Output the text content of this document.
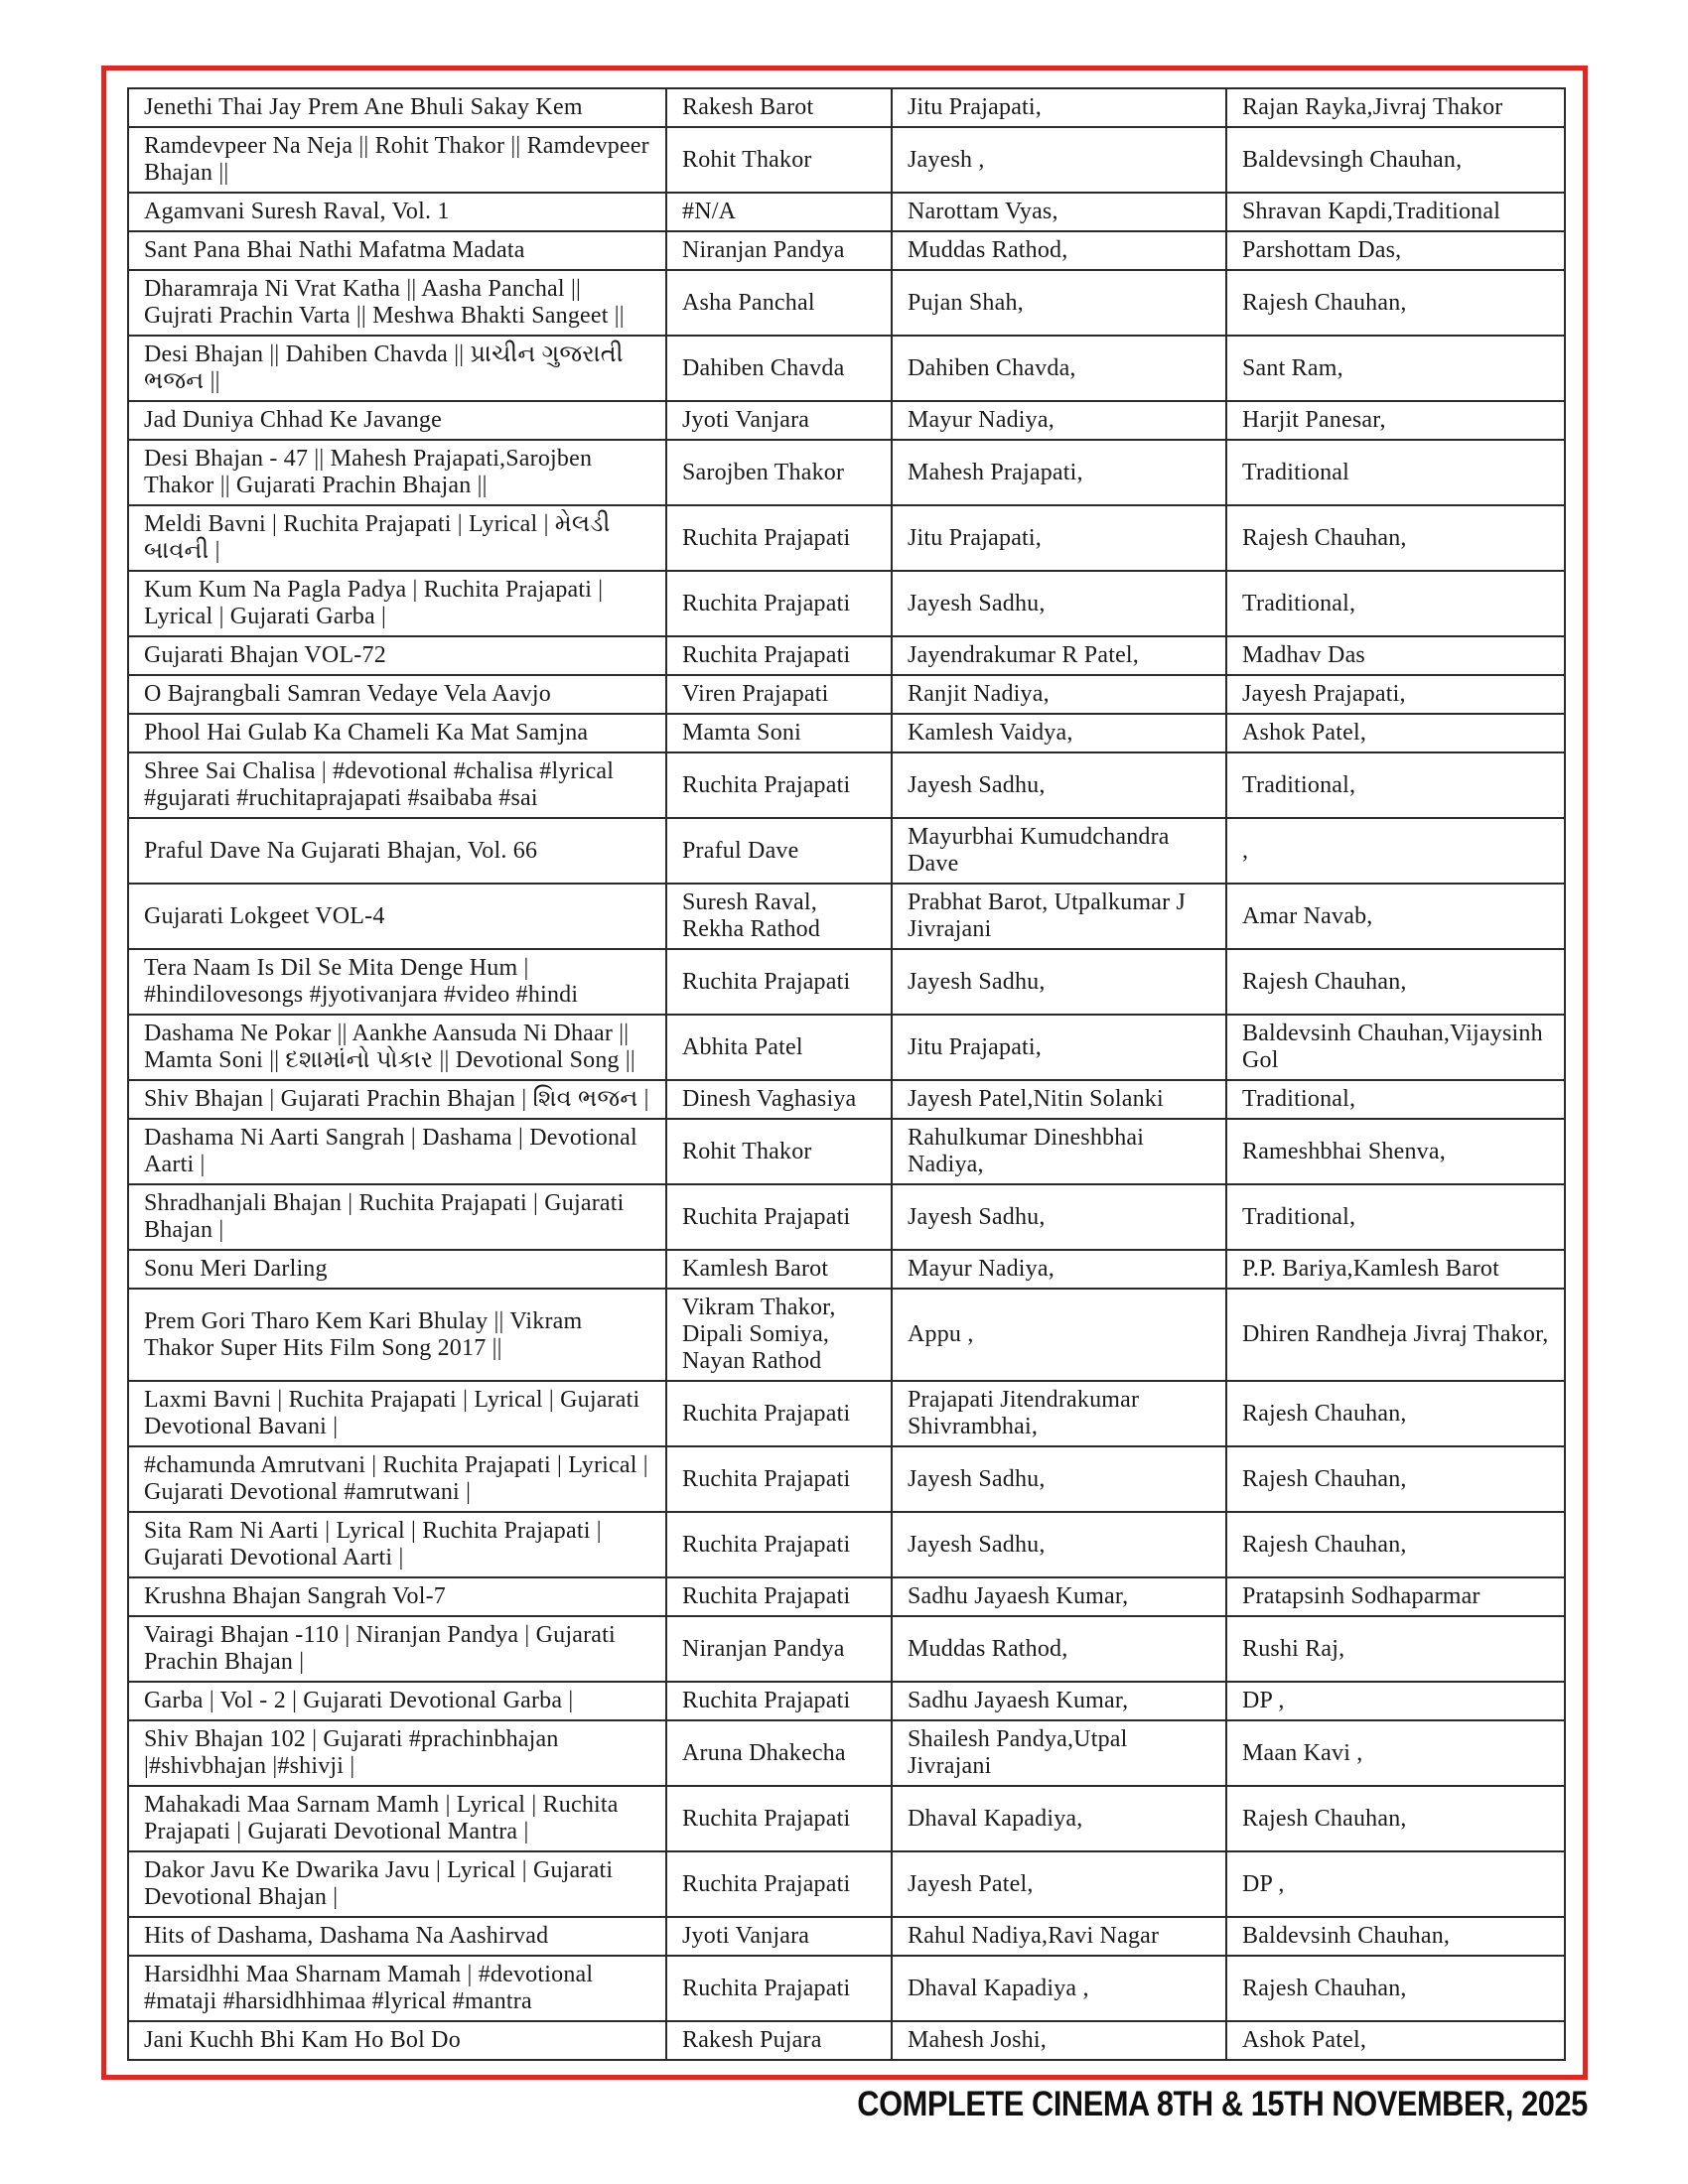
Jenethi Thai Jay Prem Ane Bhuli Sakay Kem	Rakesh Barot	Jitu Prajapati,	Rajan Rayka,Jivraj Thakor
Ramdevpeer Na Neja || Rohit Thakor || Ramdevpeer Bhajan ||	Rohit Thakor	Jayesh ,	Baldevsingh Chauhan,
Agamvani Suresh Raval, Vol. 1	#N/A	Narottam Vyas,	Shravan Kapdi,Traditional
Sant Pana Bhai Nathi Mafatma Madata	Niranjan Pandya	Muddas Rathod,	Parshottam Das,
Dharamraja Ni Vrat Katha || Aasha Panchal || Gujrati Prachin Varta || Meshwa Bhakti Sangeet ||	Asha Panchal	Pujan Shah,	Rajesh Chauhan,
Desi Bhajan || Dahiben Chavda || પ્રાચીન ગુજરાતી ભજન ||	Dahiben Chavda	Dahiben Chavda,	Sant Ram,
Jad Duniya Chhad Ke Javange	Jyoti Vanjara	Mayur Nadiya,	Harjit Panesar,
Desi Bhajan - 47 || Mahesh Prajapati,Sarojben Thakor || Gujarati Prachin Bhajan ||	Sarojben Thakor	Mahesh Prajapati,	Traditional
Meldi Bavni | Ruchita Prajapati | Lyrical | મેલડી બાવની |	Ruchita Prajapati	Jitu Prajapati,	Rajesh Chauhan,
Kum Kum Na Pagla Padya | Ruchita Prajapati | Lyrical | Gujarati Garba |	Ruchita Prajapati	Jayesh Sadhu,	Traditional,
Gujarati Bhajan VOL-72	Ruchita Prajapati	Jayendrakumar R Patel,	Madhav Das
O Bajrangbali Samran Vedaye Vela Aavjo	Viren Prajapati	Ranjit Nadiya,	Jayesh Prajapati,
Phool Hai Gulab Ka Chameli Ka Mat Samjna	Mamta Soni	Kamlesh Vaidya,	Ashok Patel,
Shree Sai Chalisa | #devotional #chalisa #lyrical #gujarati #ruchitaprajapati #saibaba #sai	Ruchita Prajapati	Jayesh Sadhu,	Traditional,
Praful Dave Na Gujarati Bhajan, Vol. 66	Praful Dave	Mayurbhai Kumudchandra Dave	,
Gujarati Lokgeet VOL-4	Suresh Raval, Rekha Rathod	Prabhat Barot, Utpalkumar J Jivrajani	Amar Navab,
Tera Naam Is Dil Se Mita Denge Hum | #hindilovesongs #jyotivanjara #video #hindi	Ruchita Prajapati	Jayesh Sadhu,	Rajesh Chauhan,
Dashama Ne Pokar || Aankhe Aansuda Ni Dhaar || Mamta Soni || દશામાંનો પોકાર || Devotional Song ||	Abhita Patel	Jitu Prajapati,	Baldevsinh Chauhan,Vijaysinh Gol
Shiv Bhajan | Gujarati Prachin Bhajan | શિવ ભજન |	Dinesh Vaghasiya	Jayesh Patel,Nitin Solanki	Traditional,
Dashama Ni Aarti Sangrah | Dashama | Devotional Aarti |	Rohit Thakor	Rahulkumar Dineshbhai Nadiya,	Rameshbhai Shenva,
Shradhanjali Bhajan | Ruchita Prajapati | Gujarati Bhajan |	Ruchita Prajapati	Jayesh Sadhu,	Traditional,
Sonu Meri Darling	Kamlesh Barot	Mayur Nadiya,	P.P. Bariya,Kamlesh Barot
Prem Gori Tharo Kem Kari Bhulay || Vikram Thakor Super Hits Film Song 2017 ||	Vikram Thakor, Dipali Somiya, Nayan Rathod	Appu ,	Dhiren Randheja Jivraj Thakor,
Laxmi Bavni | Ruchita Prajapati | Lyrical | Gujarati Devotional Bavani |	Ruchita Prajapati	Prajapati Jitendrakumar Shivrambhai,	Rajesh Chauhan,
#chamunda Amrutvani | Ruchita Prajapati | Lyrical | Gujarati Devotional #amrutwani |	Ruchita Prajapati	Jayesh Sadhu,	Rajesh Chauhan,
Sita Ram Ni Aarti | Lyrical | Ruchita Prajapati | Gujarati Devotional Aarti |	Ruchita Prajapati	Jayesh Sadhu,	Rajesh Chauhan,
Krushna Bhajan Sangrah Vol-7	Ruchita Prajapati	Sadhu Jayaesh Kumar,	Pratapsinh Sodhaparmar
Vairagi Bhajan -110 | Niranjan Pandya | Gujarati Prachin Bhajan |	Niranjan Pandya	Muddas Rathod,	Rushi Raj,
Garba | Vol - 2 | Gujarati Devotional Garba |	Ruchita Prajapati	Sadhu Jayaesh Kumar,	DP ,
Shiv Bhajan 102 | Gujarati #prachinbhajan |#shivbhajan |#shivji |	Aruna Dhakecha	Shailesh Pandya,Utpal Jivrajani	Maan Kavi ,
Mahakadi Maa Sarnam Mamh | Lyrical | Ruchita Prajapati | Gujarati Devotional Mantra |	Ruchita Prajapati	Dhaval Kapadiya,	Rajesh Chauhan,
Dakor Javu Ke Dwarika Javu | Lyrical | Gujarati Devotional Bhajan |	Ruchita Prajapati	Jayesh Patel,	DP ,
Hits of Dashama, Dashama Na Aashirvad	Jyoti Vanjara	Rahul Nadiya,Ravi Nagar	Baldevsinh Chauhan,
Harsidhhi Maa Sharnam Mamah | #devotional #mataji #harsidhhimaa #lyrical #mantra	Ruchita Prajapati	Dhaval Kapadiya ,	Rajesh Chauhan,
Jani Kuchh Bhi Kam Ho Bol Do	Rakesh Pujara	Mahesh Joshi,	Ashok Patel,
COMPLETE CINEMA 8TH & 15TH NOVEMBER, 2025
